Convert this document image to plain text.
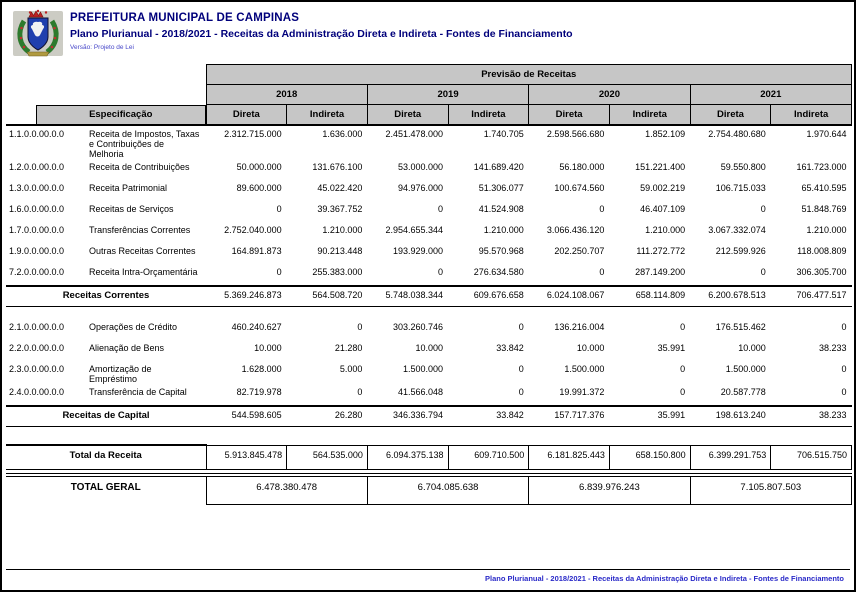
PREFEITURA MUNICIPAL DE CAMPINAS
Plano Plurianual - 2018/2021 - Receitas da Administração Direta e Indireta - Fontes de Financiamento
Versão: Projeto de Lei
	Previsão de Receitas							
	2018		2019		2020		2021	

Especificação	Direta	Indireta	Direta	Indireta	Direta	Indireta	Direta	Indireta
1.1.0.0.00.0.0 Receita de Impostos, Taxas e Contribuições de Melhoria	2.312.715.000	1.636.000	2.451.478.000	1.740.705	2.598.566.680	1.852.109	2.754.480.680	1.970.644
1.2.0.0.00.0.0 Receita de Contribuições	50.000.000	131.676.100	53.000.000	141.689.420	56.180.000	151.221.400	59.550.800	161.723.000
1.3.0.0.00.0.0 Receita Patrimonial	89.600.000	45.022.420	94.976.000	51.306.077	100.674.560	59.002.219	106.715.033	65.410.595
1.6.0.0.00.0.0 Receitas de Serviços	0	39.367.752	0	41.524.908	0	46.407.109	0	51.848.769
1.7.0.0.00.0.0 Transferências Correntes	2.752.040.000	1.210.000	2.954.655.344	1.210.000	3.066.436.120	1.210.000	3.067.332.074	1.210.000
1.9.0.0.00.0.0 Outras Receitas Correntes	164.891.873	90.213.448	193.929.000	95.570.968	202.250.707	111.272.772	212.599.926	118.008.809
7.2.0.0.00.0.0 Receita Intra-Orçamentária	0	255.383.000	0	276.634.580	0	287.149.200	0	306.305.700
Receitas Correntes	5.369.246.873	564.508.720	5.748.038.344	609.676.658	6.024.108.067	658.114.809	6.200.678.513	706.477.517

2.1.0.0.00.0.0 Operações de Crédito	460.240.627	0	303.260.746	0	136.216.004	0	176.515.462	0
2.2.0.0.00.0.0 Alienação de Bens	10.000	21.280	10.000	33.842	10.000	35.991	10.000	38.233
2.3.0.0.00.0.0 Amortização de Empréstimo	1.628.000	5.000	1.500.000	0	1.500.000	0	1.500.000	0
2.4.0.0.00.0.0 Transferência de Capital	82.719.978	0	41.566.048	0	19.991.372	0	20.587.778	0
Receitas de Capital	544.598.605	26.280	346.336.794	33.842	157.717.376	35.991	198.613.240	38.233

Total da Receita	5.913.845.478	564.535.000	6.094.375.138	609.710.500	6.181.825.443	658.150.800	6.399.291.753	706.515.750

TOTAL GERAL	6.478.380.478		6.704.085.638		6.839.976.243		7.105.807.503	
Plano Plurianual - 2018/2021 - Receitas da Administração Direta e Indireta - Fontes de Financiamento
